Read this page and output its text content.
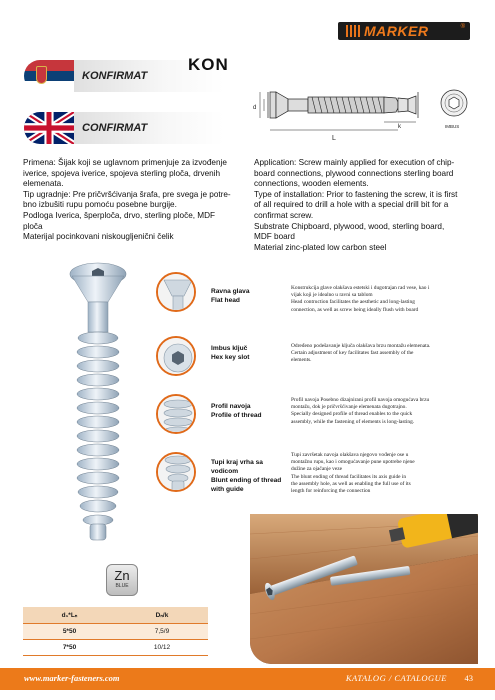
MARKER	®
KONFIRMAT
KON
CONFIRMAT
L
k
d
IMBUS
Primena: Šijak koji se uglavnom primenjuje za izvođenje
iverice, spojeva iverice, spojeva sterling ploča, drvenih
elemenata.
Tip ugradnje: Pre pričvršćivanja šrafa, pre svega je potre-
bno izbušiti rupu pomoću posebne burgije.
Podloga Iverica, šperploča, drvo, sterling ploče, MDF
ploča
Materijal pocinkovani niskougljenični čelik
Application: Screw mainly applied for execution of chip-
board connections, plywood connections sterling board
connections, wooden elements.
Type of installation: Prior to fastening the screw, it is first
of all required to drill a hole with a special drill bit for a
confirmat screw.
Substrate Chipboard, plywood, wood, sterling board,
MDF board
Material zinc-plated low carbon steel
Ravna glava
Flat head
Konstrukcija glave olakšava estetski i dugotrajan rad vese, kao i
vijak koji je idealno u ravni sa tablom
Head contruction facilitates the aesthetic and long-lasting
connection, as well as screw being ideally flush with board
Imbus ključ
Hex key slot
Određeno podešavanje ključa olakšava brzu montažu elemenata.
Certain adjustment of key facilitates fast assembly of the
elements.
Profil navoja
Profile of thread
Profil navoja Posebno dizajnirani profil navoja omogućava brzu
montažu, dok je pričvršćivanje elemenata dugotrajno.
Specially designed profile of thread enables to the quick
assembly, while the fastening of elements is long-lasting.
Tupi kraj vrha sa
vodicom
Blunt ending of thread
with guide
Tupi završetak navoja olakšava njegovo vođenje ose u
montažnu rupu, kao i omogućavanje pune upotrebe njene
dužine za ojačanje veze
The blunt ending of thread facilitates its axis guide in
the assembly hole, as well as enabling the full use of its
length for reinforcing the connection
Zn
BLUE
d₁*Lₙ	Dₙ/k
5*50	7,5/9
7*50	10/12
www.marker-fasteners.com	KATALOG / CATALOGUE 43
